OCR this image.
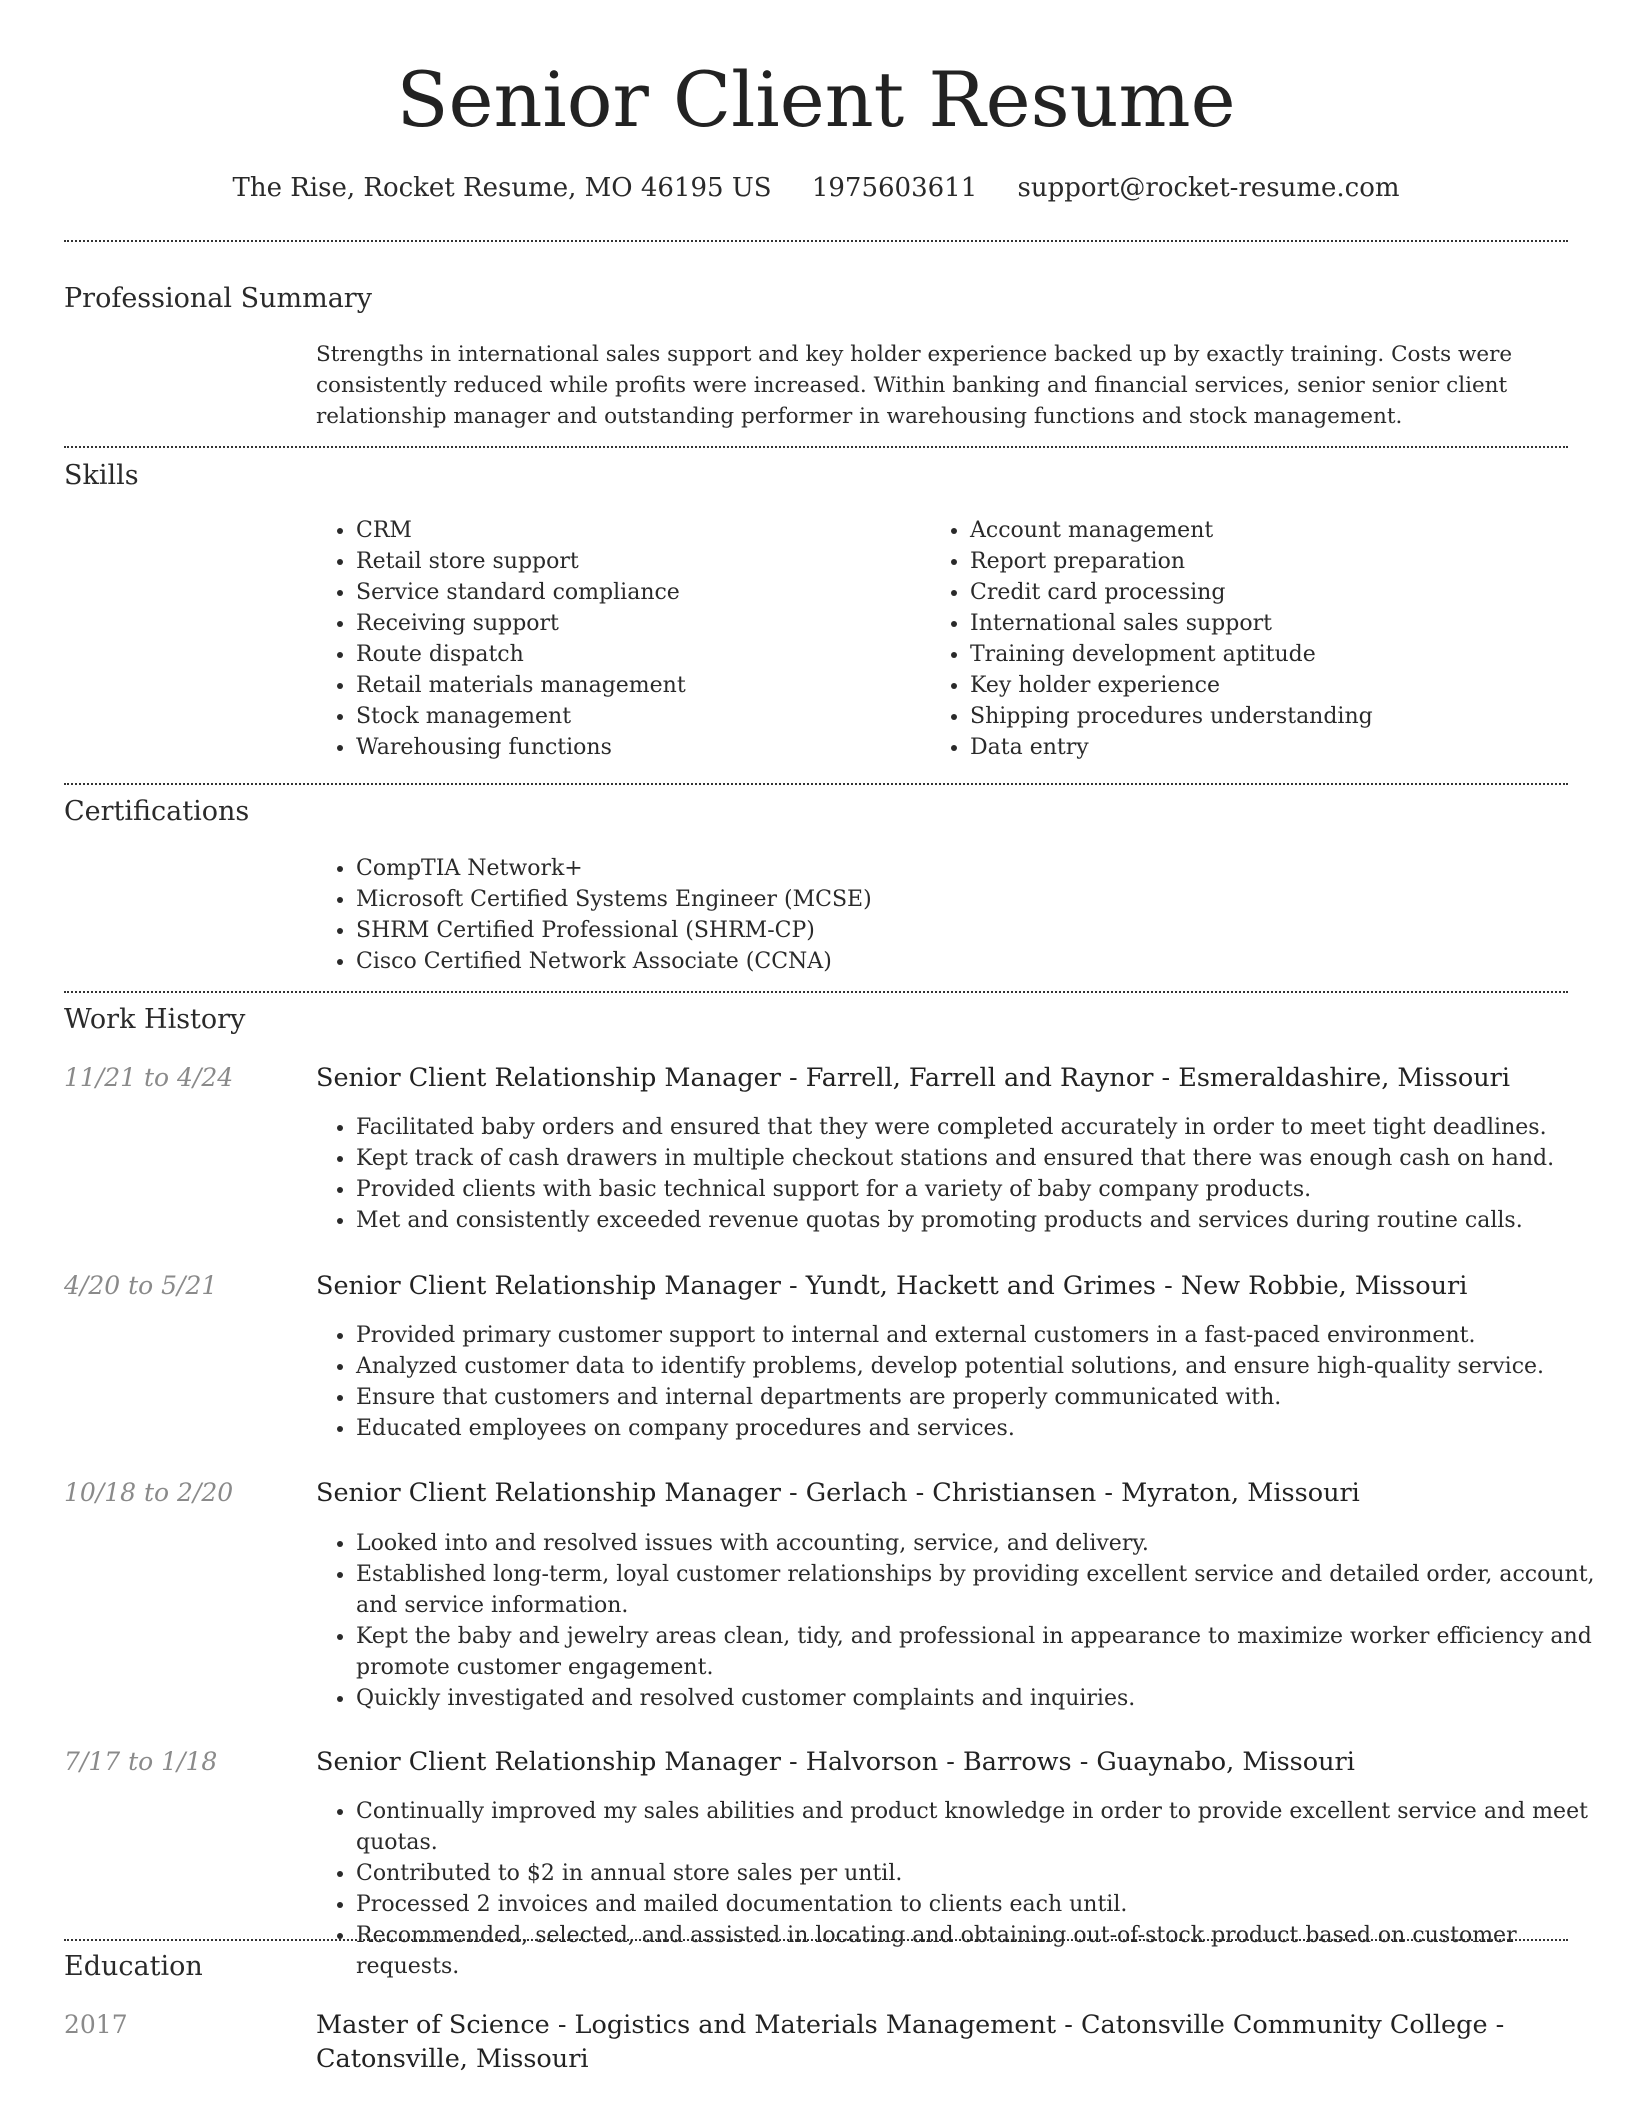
Senior Client Resume
The Rise, Rocket Resume, MO 46195 US 1975603611 support@rocket-resume.com
Professional Summary

Strengths in international sales support and key holder experience backed up by exactly training. Costs were consistently reduced while profits were increased. Within banking and financial services, senior senior client relationship manager and outstanding performer in warehousing functions and stock management.

Skills
• CRM
• Retail store support
• Service standard compliance
• Receiving support
• Route dispatch
• Retail materials management
• Stock management
• Warehousing functions
• Account management
• Report preparation
• Credit card processing
• International sales support
• Training development aptitude
• Key holder experience
• Shipping procedures understanding
• Data entry
Certifications
• CompTIA Network+
• Microsoft Certified Systems Engineer (MCSE)
• SHRM Certified Professional (SHRM-CP)
• Cisco Certified Network Associate (CCNA)
Work History
11/21 to 4/24	Senior Client Relationship Manager - Farrell, Farrell and Raynor - Esmeraldashire, Missouri
• Facilitated baby orders and ensured that they were completed accurately in order to meet tight deadlines.
• Kept track of cash drawers in multiple checkout stations and ensured that there was enough cash on hand.
• Provided clients with basic technical support for a variety of baby company products.
• Met and consistently exceeded revenue quotas by promoting products and services during routine calls.
4/20 to 5/21	Senior Client Relationship Manager - Yundt, Hackett and Grimes - New Robbie, Missouri
• Provided primary customer support to internal and external customers in a fast-paced environment.
• Analyzed customer data to identify problems, develop potential solutions, and ensure high-quality service.
• Ensure that customers and internal departments are properly communicated with.
• Educated employees on company procedures and services.
10/18 to 2/20	Senior Client Relationship Manager - Gerlach - Christiansen - Myraton, Missouri
• Looked into and resolved issues with accounting, service, and delivery.
• Established long-term, loyal customer relationships by providing excellent service and detailed order, account, and service information.
• Kept the baby and jewelry areas clean, tidy, and professional in appearance to maximize worker efficiency and promote customer engagement.
• Quickly investigated and resolved customer complaints and inquiries.
7/17 to 1/18	Senior Client Relationship Manager - Halvorson - Barrows - Guaynabo, Missouri
• Continually improved my sales abilities and product knowledge in order to provide excellent service and meet quotas.
• Contributed to $2 in annual store sales per until.
• Processed 2 invoices and mailed documentation to clients each until.
• Recommended, selected, and assisted in locating and obtaining out-of-stock product based on customer requests.
Education
2017	Master of Science - Logistics and Materials Management - Catonsville Community College - Catonsville, Missouri
